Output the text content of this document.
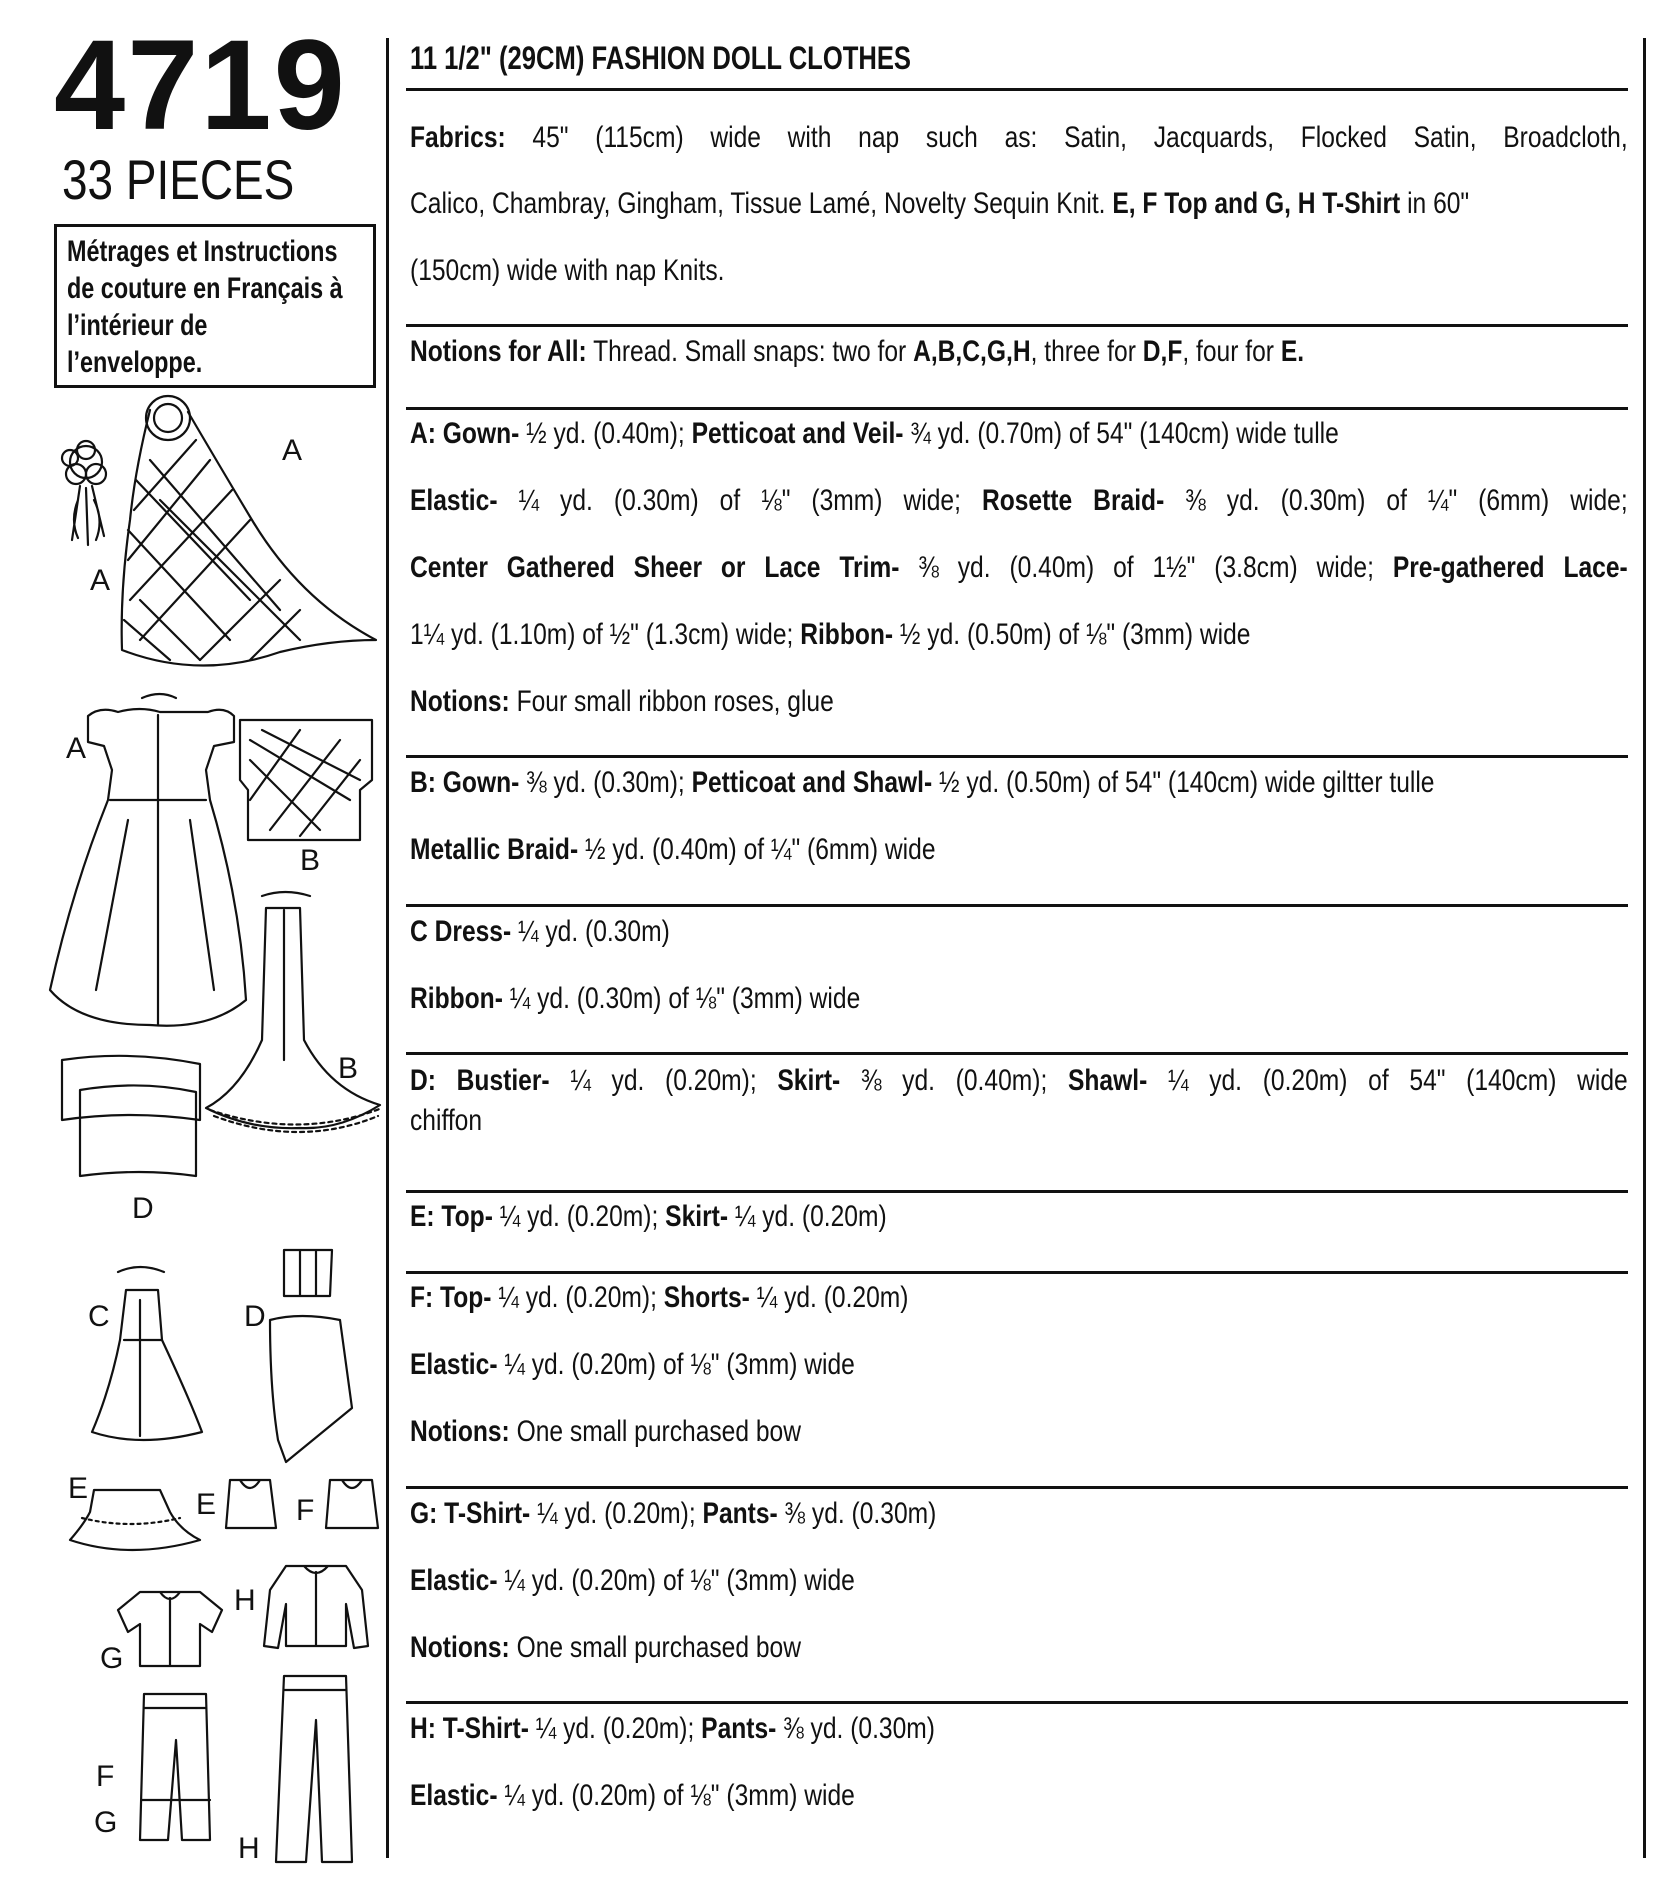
4719
33 PIECES
Métrages et Instructions
de couture en Français à
l’intérieur de
l’enveloppe.
A
A
A
B
B
D
C	D
E	E	F
H
G
F
G
H
11 1/2" (29CM) FASHION DOLL CLOTHES
Fabrics: 45" (115cm) wide with nap such as: Satin, Jacquards, Flocked Satin, Broadcloth,
Calico, Chambray, Gingham, Tissue Lamé, Novelty Sequin Knit. E, F Top and G, H T-Shirt in 60"
(150cm) wide with nap Knits.
Notions for All: Thread. Small snaps: two for A,B,C,G,H, three for D,F, four for E.
A: Gown- ½ yd. (0.40m); Petticoat and Veil- ¾ yd. (0.70m) of 54" (140cm) wide tulle
Elastic- ¼ yd. (0.30m) of ⅛" (3mm) wide; Rosette Braid- ⅜ yd. (0.30m) of ¼" (6mm) wide;
Center Gathered Sheer or Lace Trim- ⅜ yd. (0.40m) of 1½" (3.8cm) wide; Pre-gathered Lace-
1¼ yd. (1.10m) of ½" (1.3cm) wide; Ribbon- ½ yd. (0.50m) of ⅛" (3mm) wide
Notions: Four small ribbon roses, glue
B: Gown- ⅜ yd. (0.30m); Petticoat and Shawl- ½ yd. (0.50m) of 54" (140cm) wide giltter tulle
Metallic Braid- ½ yd. (0.40m) of ¼" (6mm) wide
C Dress- ¼ yd. (0.30m)
Ribbon- ¼ yd. (0.30m) of ⅛" (3mm) wide
D: Bustier- ¼ yd. (0.20m); Skirt- ⅜ yd. (0.40m); Shawl- ¼ yd. (0.20m) of 54" (140cm) wide
chiffon
E: Top- ¼ yd. (0.20m); Skirt- ¼ yd. (0.20m)
F: Top- ¼ yd. (0.20m); Shorts- ¼ yd. (0.20m)
Elastic- ¼ yd. (0.20m) of ⅛" (3mm) wide
Notions: One small purchased bow
G: T-Shirt- ¼ yd. (0.20m); Pants- ⅜ yd. (0.30m)
Elastic- ¼ yd. (0.20m) of ⅛" (3mm) wide
Notions: One small purchased bow
H: T-Shirt- ¼ yd. (0.20m); Pants- ⅜ yd. (0.30m)
Elastic- ¼ yd. (0.20m) of ⅛" (3mm) wide
